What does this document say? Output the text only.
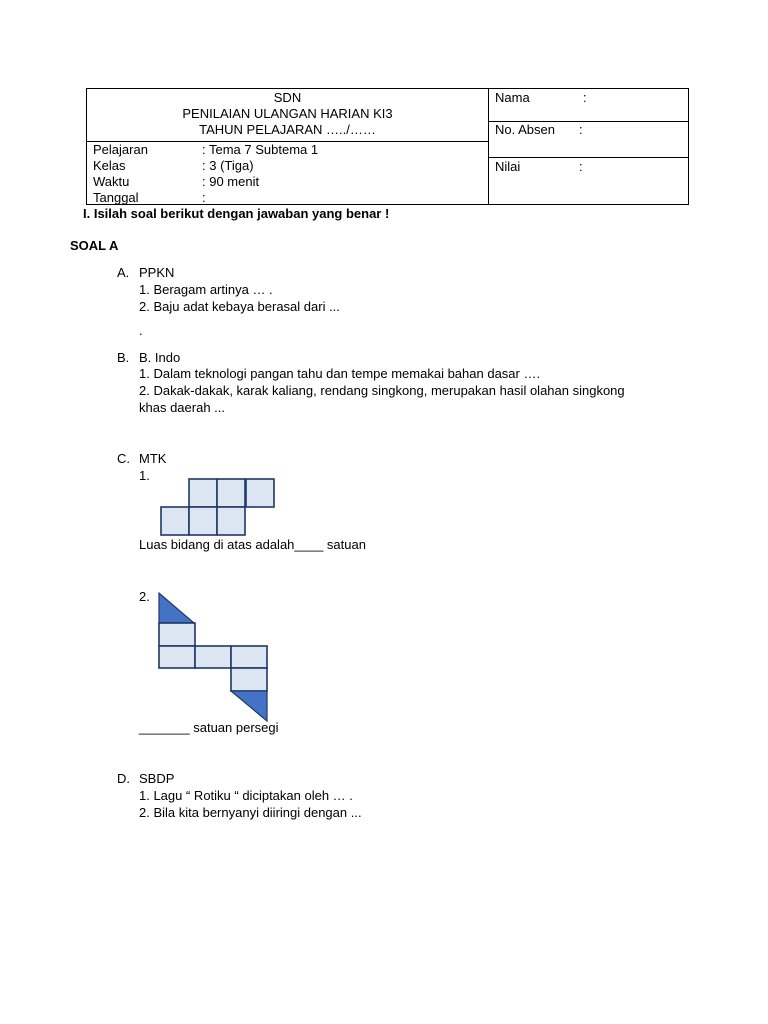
SDN
PENILAIAN ULANGAN HARIAN KI3
TAHUN PELAJARAN …../……
Pelajaran	: Tema 7 Subtema 1
Kelas	: 3 (Tiga)
Waktu	: 90 menit
Tanggal	:
Nama	:
No. Absen :
Nilai	:
I. Isilah soal berikut dengan jawaban yang benar !
SOAL A
A. PPKN
1. Beragam artinya … .
2. Baju adat kebaya berasal dari ...
.
B. B. Indo
1. Dalam teknologi pangan tahu dan tempe memakai bahan dasar ….
2. Dakak-dakak, karak kaliang, rendang singkong, merupakan hasil olahan singkong
khas daerah ...
C. MTK
1.
Luas bidang di atas adalah____ satuan
2.
_______ satuan persegi
D. SBDP
1. Lagu “ Rotiku “ diciptakan oleh … .
2. Bila kita bernyanyi diiringi dengan ...
